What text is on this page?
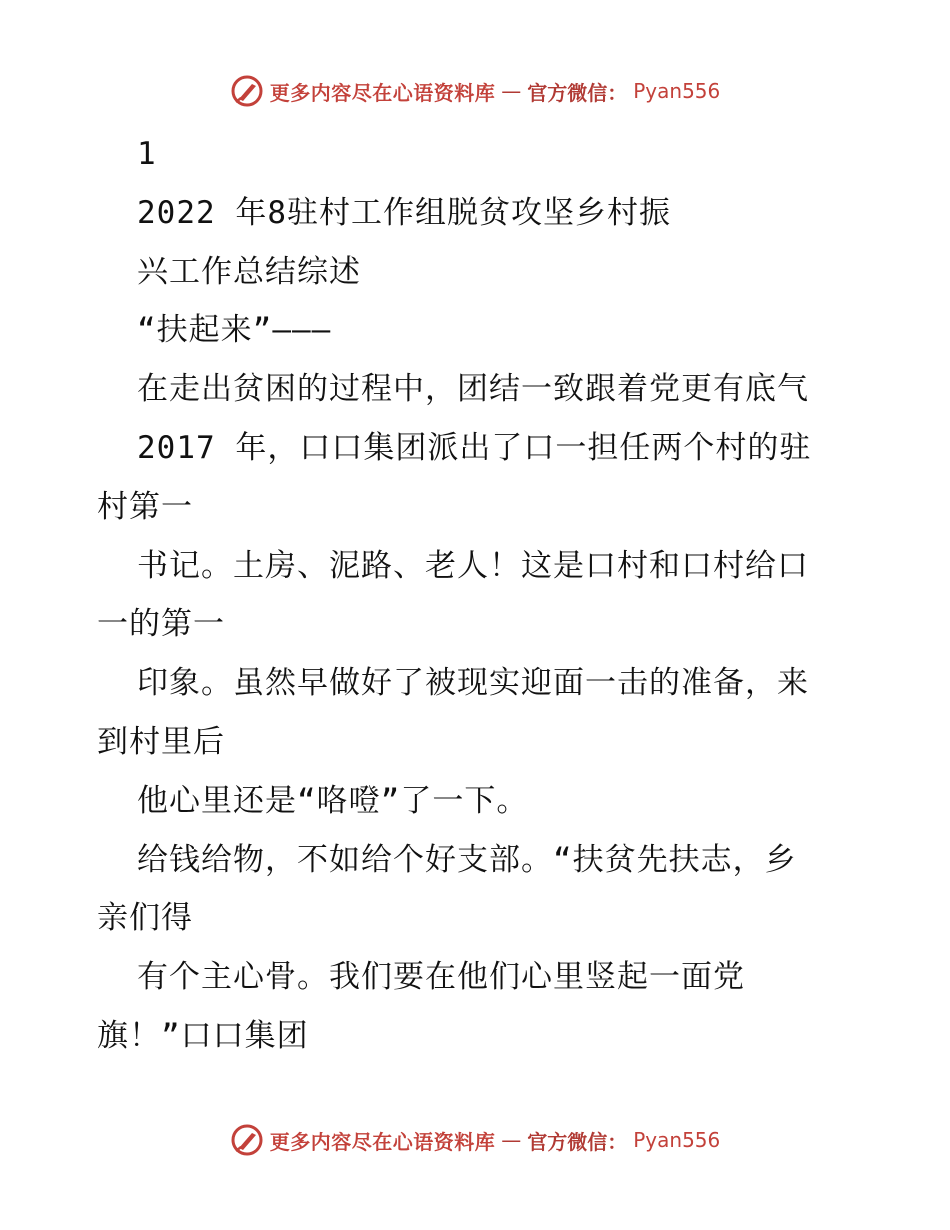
更多内容尽在心语资料库 — 官方微信： Pyan556
1
2022 年8驻村工作组脱贫攻坚乡村振
兴工作总结综述
“扶起来”———
在走出贫困的过程中，团结一致跟着党更有底气
2017 年，口口集团派出了口一担任两个村的驻
村第一
书记。土房、泥路、老人！这是口村和口村给口
一的第一
印象。虽然早做好了被现实迎面一击的准备，来
到村里后
他心里还是“咯噔”了一下。
给钱给物，不如给个好支部。“扶贫先扶志，乡
亲们得
有个主心骨。我们要在他们心里竖起一面党
旗！”口口集团
更多内容尽在心语资料库 — 官方微信： Pyan556
